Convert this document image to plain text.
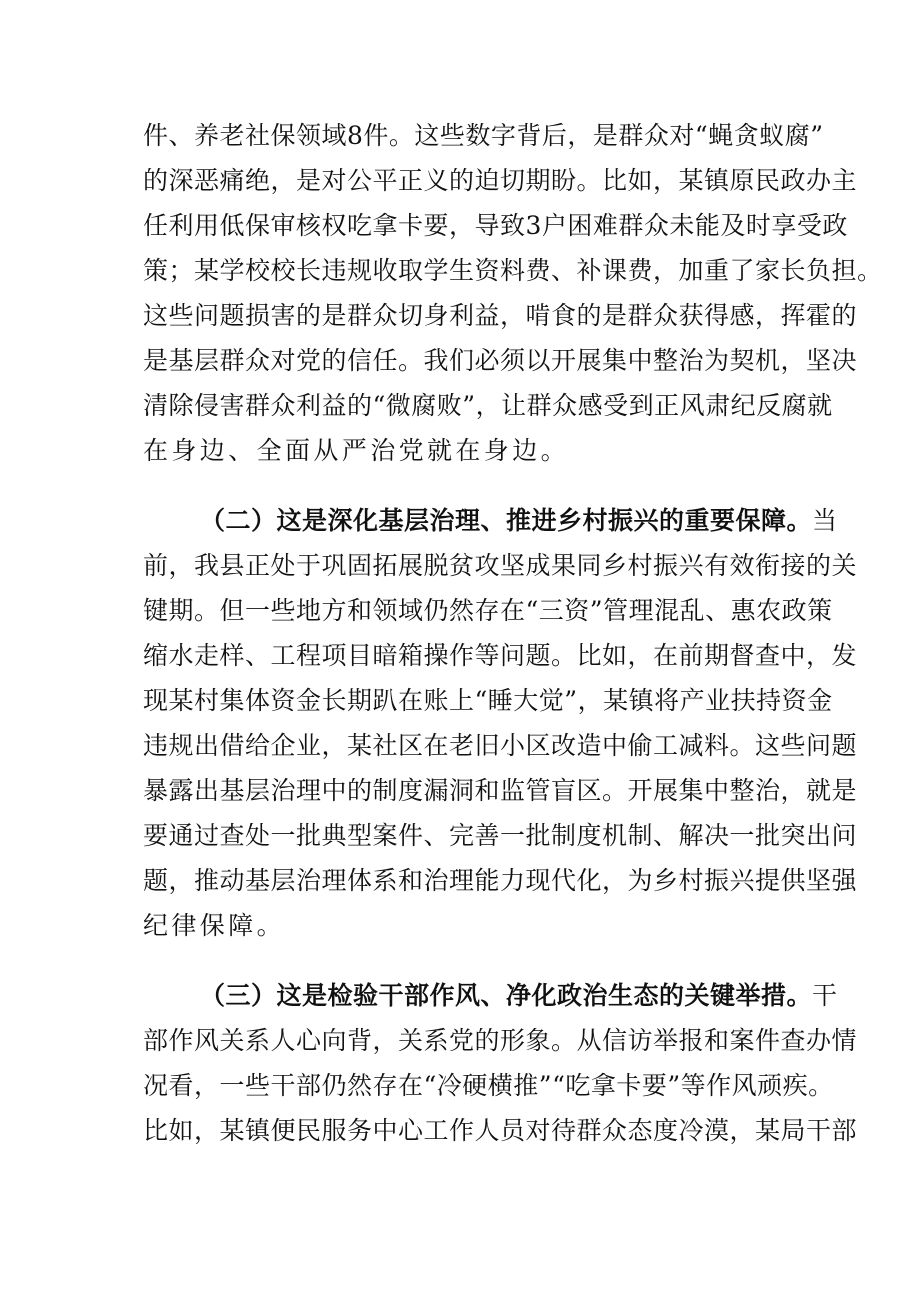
件、养老社保领域8件。这些数字背后，是群众对“蝇贪蚁腐”
的深恶痛绝，是对公平正义的迫切期盼。比如，某镇原民政办主
任利用低保审核权吃拿卡要，导致3户困难群众未能及时享受政
策；某学校校长违规收取学生资料费、补课费，加重了家长负担。
这些问题损害的是群众切身利益，啃食的是群众获得感，挥霍的
是基层群众对党的信任。我们必须以开展集中整治为契机，坚决
清除侵害群众利益的“微腐败”，让群众感受到正风肃纪反腐就
在身边、全面从严治党就在身边。
（二）这是深化基层治理、推进乡村振兴的重要保障。当
前，我县正处于巩固拓展脱贫攻坚成果同乡村振兴有效衔接的关
键期。但一些地方和领域仍然存在“三资”管理混乱、惠农政策
缩水走样、工程项目暗箱操作等问题。比如，在前期督查中，发
现某村集体资金长期趴在账上“睡大觉”，某镇将产业扶持资金
违规出借给企业，某社区在老旧小区改造中偷工减料。这些问题
暴露出基层治理中的制度漏洞和监管盲区。开展集中整治，就是
要通过查处一批典型案件、完善一批制度机制、解决一批突出问
题，推动基层治理体系和治理能力现代化，为乡村振兴提供坚强
纪律保障。
（三）这是检验干部作风、净化政治生态的关键举措。干
部作风关系人心向背，关系党的形象。从信访举报和案件查办情
况看，一些干部仍然存在“冷硬横推”“吃拿卡要”等作风顽疾。
比如，某镇便民服务中心工作人员对待群众态度冷漠，某局干部
